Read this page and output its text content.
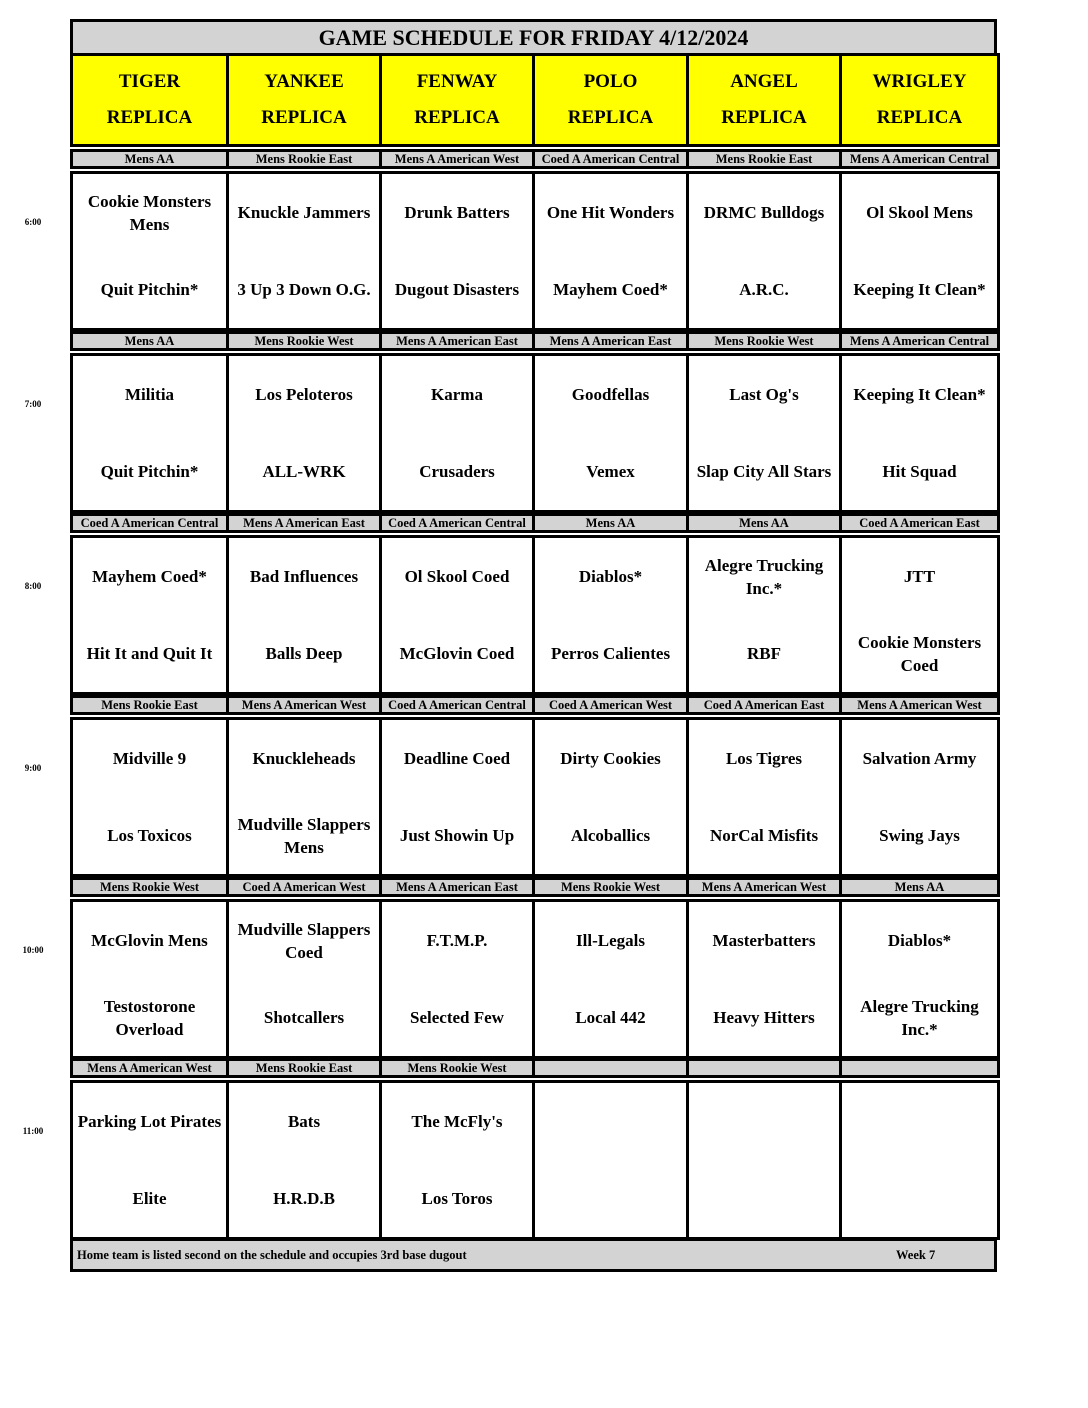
GAME SCHEDULE FOR FRIDAY 4/12/2024
TIGER
REPLICA
YANKEE
REPLICA
FENWAY
REPLICA
POLO
REPLICA
ANGEL
REPLICA
WRIGLEY
REPLICA
Mens AA
Cookie Monsters Mens
Quit Pitchin*
Mens Rookie East
Knuckle Jammers
3 Up 3 Down O.G.
Mens A American West
Drunk Batters
Dugout Disasters
Coed A American Central
One Hit Wonders
Mayhem Coed*
Mens Rookie East
DRMC Bulldogs
A.R.C.
Mens A American Central
Ol Skool Mens
Keeping It Clean*
Mens AA
Militia
Quit Pitchin*
Mens Rookie West
Los Peloteros
ALL-WRK
Mens A American East
Karma
Crusaders
Mens A American East
Goodfellas
Vemex
Mens Rookie West
Last Og's
Slap City All Stars
Mens A American Central
Keeping It Clean*
Hit Squad
Coed A American Central
Mayhem Coed*
Hit It and Quit It
Mens A American East
Bad Influences
Balls Deep
Coed A American Central
Ol Skool Coed
McGlovin Coed
Mens AA
Diablos*
Perros Calientes
Mens AA
Alegre Trucking Inc.*
RBF
Coed A American East
JTT
Cookie Monsters Coed
Mens Rookie East
Midville 9
Los Toxicos
Mens A American West
Knuckleheads
Mudville Slappers Mens
Coed A American Central
Deadline Coed
Just Showin Up
Coed A American West
Dirty Cookies
Alcoballics
Coed A American East
Los Tigres
NorCal Misfits
Mens A American West
Salvation Army
Swing Jays
Mens Rookie West
McGlovin Mens
Testostorone Overload
Coed A American West
Mudville Slappers Coed
Shotcallers
Mens A American East
F.T.M.P.
Selected Few
Mens Rookie West
Ill-Legals
Local 442
Mens A American West
Masterbatters
Heavy Hitters
Mens AA
Diablos*
Alegre Trucking Inc.*
Mens A American West
Parking Lot Pirates
Elite
Mens Rookie East
Bats
H.R.D.B
Mens Rookie West
The McFly's
Los Toros
Home team is listed second on the schedule and occupies 3rd base dugout	Week 7
6:00
7:00
8:00
9:00
10:00
11:00
